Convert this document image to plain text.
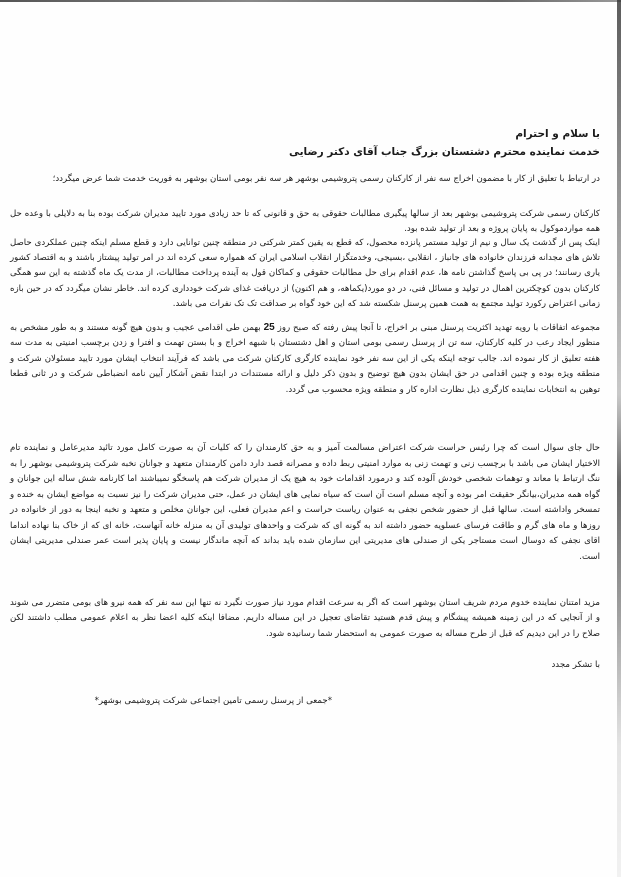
با سلام و احترام
خدمت نماینده محترم دشتستان بزرگ جناب آقای دکتر رضایی
در ارتباط با تعلیق از کار با مضمون اخراج سه نفر از کارکنان رسمی پتروشیمی بوشهر هر سه نفر بومی استان بوشهر به فوریت خدمت شما عرض میگردد؛
کارکنان رسمی شرکت پتروشیمی بوشهر بعد از سالها پیگیری مطالبات حقوقی به حق و قانونی که تا حد زیادی مورد تایید مدیران شرکت بوده بنا به دلایلی با وعده حل همه مواردموکول به پایان پروژه و بعد از تولید شده بود.
اینک پس از گذشت یک سال و نیم از تولید مستمر پانزده محصول، که قطع به یقین کمتر شرکتی در منطقه چنین توانایی دارد و قطع مسلم اینکه چنین عملکردی حاصل تلاش های مجدانه فرزندان خانواده های جانباز ، انقلابی ،بسیجی، وخدمتگزار انقلاب اسلامی ایران که همواره سعی کرده اند در امر تولید پیشتاز باشند و به اقتصاد کشور یاری رسانند؛ در پی بی پاسخ گذاشتن نامه ها، عدم اقدام برای حل مطالبات حقوقی و کماکان قول به آینده پرداخت مطالبات، از مدت یک ماه گذشته به این سو همگی کارکنان بدون کوچکترین اهمال در تولید و مسائل فنی، در دو مورد(یکماهه، و هم اکنون) از دریافت غذای شرکت خودداری کرده اند. خاطر نشان میگردد که در حین بازه زمانی اعتراض رکورد تولید مجتمع به همت همین پرسنل شکسته شد که این خود گواه بر صداقت تک تک نفرات می باشد.
مجموعه اتفاقات با رویه تهدید اکثریت پرسنل مبنی بر اخراج، تا آنجا پیش رفته که صبح روز 25 بهمن طی اقدامی عجیب و بدون هیچ گونه مستند و به طور مشخص به منظور ایجاد رعب در کلیه کارکنان، سه تن از پرسنل رسمی بومی استان و اهل دشتستان با شبهه اخراج و با بستن تهمت و افترا و زدن برچسب امنیتی به مدت سه هفته تعلیق از کار نموده اند. جالب توجه اینکه یکی از این سه نفر خود نماینده کارگری کارکنان شرکت می باشد که فرآیند انتخاب ایشان مورد تایید مسئولان شرکت و منطقه ویژه بوده و چنین اقدامی در حق ایشان بدون هیچ توضیح و بدون ذکر دلیل و ارائه مستندات در ابتدا نقض آشکار آیین نامه انضباطی شرکت و در ثانی قطعا توهین به انتخابات نماینده کارگری ذیل نظارت اداره کار و منطقه ویژه محسوب می گردد.
حال جای سوال است که چرا رئیس حراست شرکت اعتراض مسالمت آمیز و به حق کارمندان را که کلیات آن به صورت کامل مورد تائید مدیرعامل و نماینده تام الاختیار ایشان می باشد با برچسب زنی و تهمت زنی به موارد امنیتی ربط داده و مصرانه قصد دارد دامن کارمندان متعهد و جوانان نخبه شرکت پتروشیمی بوشهر را به ننگ ارتباط با معاند و توهمات شخصی خودش آلوده کند و درمورد اقدامات خود به هیچ یک از مدیران شرکت هم پاسخگو نمیباشند اما کارنامه شش ساله این جوانان و گواه همه مدیران،بیانگر حقیقت امر بوده و آنچه مسلم است آن است که سیاه نمایی های ایشان در عمل، حتی مدیران شرکت را نیز نسبت به مواضع ایشان به خنده و تمسخر واداشته است. سالها قبل از حضور شخص نجفی به عنوان ریاست حراست و اعم مدیران فعلی، این جوانان مخلص و متعهد و نخبه اینجا به دور از خانواده در روزها و ماه های گرم و طاقت فرسای عسلویه حضور داشته اند به گونه ای که شرکت و واحدهای تولیدی آن به منزله خانه آنهاست، خانه ای که از خاک بنا نهاده انداما اقای نجفی که دوسال است مستاجر یکی از صندلی های مدیریتی این سازمان شده باید بداند که آنچه ماندگار نیست و پایان پذیر است عمر صندلی مدیریتی ایشان است.
مزید امتنان نماینده خدوم مردم شریف استان بوشهر است که اگر به سرعت اقدام مورد نیاز صورت نگیرد نه تنها این سه نفر که همه نیرو های بومی متضرر می شوند و از آنجایی که در این زمینه همیشه پیشگام و پیش قدم هستید تقاضای تعجیل در این مساله داریم. مضافا اینکه کلیه اعضا نظر به اعلام عمومی مطلب داشتند لکن صلاح را در این دیدیم که قبل از طرح مساله به صورت عمومی به استحضار شما رسانیده شود.
با تشکر مجدد
*جمعی از پرسنل رسمی تامین اجتماعی شرکت پتروشیمی بوشهر*
